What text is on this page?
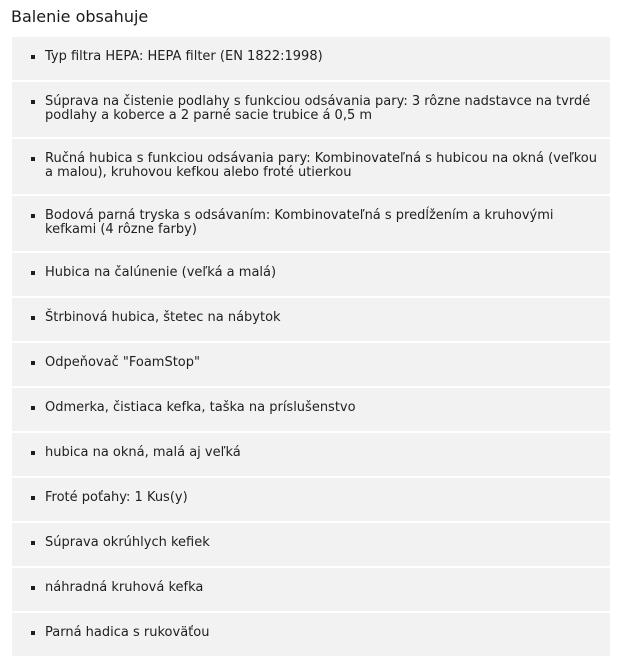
Balenie obsahuje
Typ filtra HEPA: HEPA filter (EN 1822:1998)
Súprava na čistenie podlahy s funkciou odsávania pary: 3 rôzne nadstavce na tvrdé podlahy a koberce a 2 parné sacie trubice á 0,5 m
Ručná hubica s funkciou odsávania pary: Kombinovateľná s hubicou na okná (veľkou a malou), kruhovou kefkou alebo froté utierkou
Bodová parná tryska s odsávaním: Kombinovateľná s predĺžením a kruhovými kefkami (4 rôzne farby)
Hubica na čalúnenie (veľká a malá)
Štrbinová hubica, štetec na nábytok
Odpeňovač "FoamStop"
Odmerka, čistiaca kefka, taška na príslušenstvo
hubica na okná, malá aj veľká
Froté poťahy: 1 Kus(y)
Súprava okrúhlych kefiek
náhradná kruhová kefka
Parná hadica s rukoväťou
